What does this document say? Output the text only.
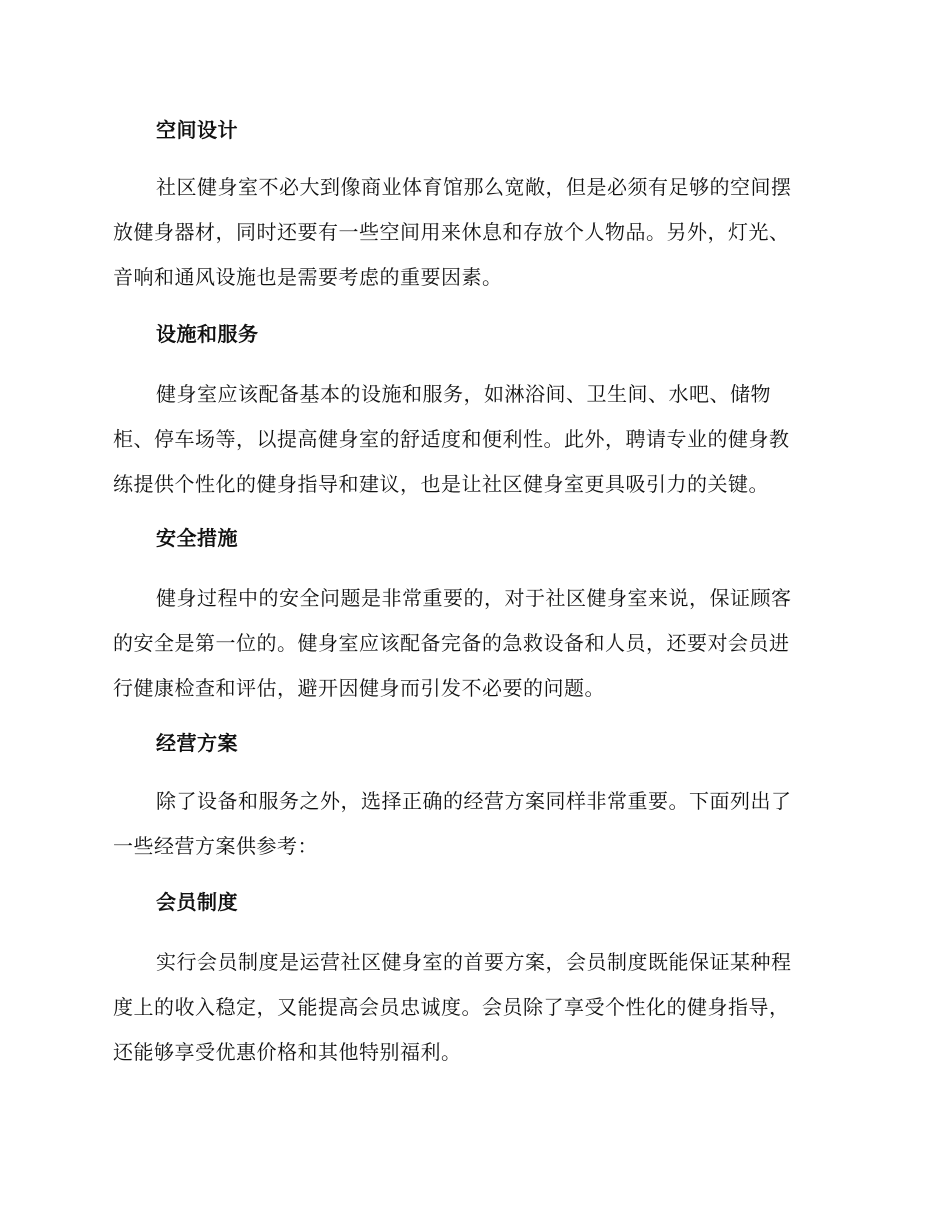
空间设计
社区健身室不必大到像商业体育馆那么宽敞，但是必须有足够的空间摆
放健身器材，同时还要有一些空间用来休息和存放个人物品。另外，灯光、
音响和通风设施也是需要考虑的重要因素。
设施和服务
健身室应该配备基本的设施和服务，如淋浴间、卫生间、水吧、储物
柜、停车场等，以提高健身室的舒适度和便利性。此外，聘请专业的健身教
练提供个性化的健身指导和建议，也是让社区健身室更具吸引力的关键。
安全措施
健身过程中的安全问题是非常重要的，对于社区健身室来说，保证顾客
的安全是第一位的。健身室应该配备完备的急救设备和人员，还要对会员进
行健康检查和评估，避开因健身而引发不必要的问题。
经营方案
除了设备和服务之外，选择正确的经营方案同样非常重要。下面列出了
一些经营方案供参考：
会员制度
实行会员制度是运营社区健身室的首要方案，会员制度既能保证某种程
度上的收入稳定，又能提高会员忠诚度。会员除了享受个性化的健身指导，
还能够享受优惠价格和其他特别福利。
